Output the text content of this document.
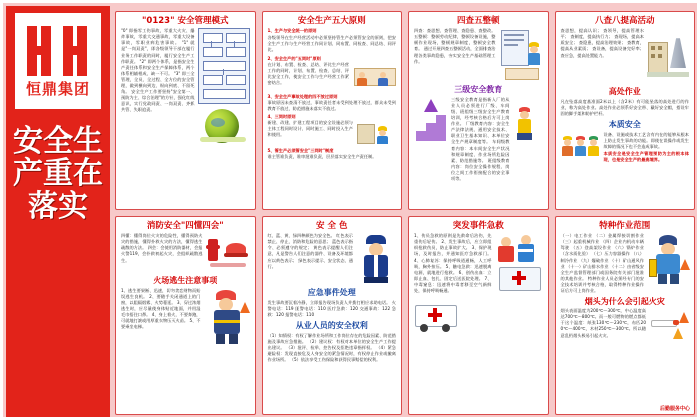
恒鼎集团
安全生产重在落实
"0123" 安全管理模式
"0" 即指零工伤事故，零重大火灾、爆炸事故，零重大交通事故，零重大设备事故，零职业病危害事故。 "1" 就是"一岗双责"，即各级领导干部在履行业务工作职责的同时，履行安全生产工作职责。 "2" 即两个体系，是指安全生产责任体系和安全生产保障体系，两个体系相辅相成、缺一不可。 "3" 即三全管理，全员、全过程、全方位的安全管理，做到横向到边、纵向到底、不留死角。 安全生产工作要坚持"安全第一、预防为主、综合治理"的方针，强化红线意识，实行党政同责、一岗双责、齐抓共管、失职追责。
安全生产五大原则
1、生产与安全统一的原则
各级领导在生产经营活动中必须坚持管生产必须管安全的原则，把安全生产工作与生产经营工作同计划、同布置、同检查、同总结、同评比。
2、安全生产的"五同时"原则
在计划、布置、检查、总结、评比生产经营工作的同时，计划、布置、检查、总结、评比安全工作，使安全工作与生产经营工作紧密结合。
3、安全生产事故处理的四不放过原则
事故原因未查清不放过，事故责任者未受到处理不放过，群众未受到教育不放过，防范措施未落实不放过。
4、三同时原则
新建、改建、扩建工程项目的安全设施必须与主体工程同时设计、同时施工、同时投入生产和使用。
5、管生产必须管安全"三同时"制度
谁主管谁负责，谁审批谁负责，层层落实安全生产责任制。
四查五整顿
四查：查思想、查管理、查隐患、查整改。 五整顿：整顿劳动纪律，整顿设备设施，整顿作业现场，整顿规章制度，整顿安全教育。 通过开展四查五整顿活动，全面排查治理各类事故隐患，夯实安全生产基础管理工作。
三级安全教育
三级安全教育是指新入厂的从业人员必须进行厂级、车间级、班组级三级安全生产教育培训，经考核合格后方可上岗作业。 厂级教育内容：安全生产法律法规、通用安全技术、职业卫生基本知识、本单位安全生产规章制度等。 车间级教育内容：本车间安全生产状况和规章制度、作业场所危险因素、防范措施等。 班组级教育内容：岗位安全操作规程、岗位之间工作衔接配合的安全事项等。
八查八提高活动
查思想，提高认识； 查领导，提高管理水平； 查制度，提高执行力； 查现场，提高本质安全； 查隐患，提高治理效果； 查教育，提高从业素质； 查设备，提高设备完好率； 查应急，提高处置能力。
高处作业
凡在坠落高度基准面2米以上（含2米）有可能坠落的高处进行的作业，称为高处作业。高处作业必须系好安全带、戴好安全帽，搭设牢固的脚手架和防护栏杆。
本质安全
设备、设施或技术工艺含有内在的能够从根本上防止发生事故的功能。即使在误操作或发生故障的情况下也不会造成事故。
本质安全是安全生产管理预防为主的根本体现，也是安全生产的最高境界。
消防安全"四懂四会"
四懂：懂得岗位火灾的危险性，懂得预防火灾的措施，懂得扑救火灾的方法，懂得逃生疏散的方法。 四会：会使用消防器材，会报火警119，会扑救初起火灾，会组织疏散逃生。
火场逃生注意事项
1、逃生要果断、迅速，切勿贪恋财物而贻误逃生良机。 2、要随手关闭通道上的门窗，以阻隔烟雾、火势蔓延。 3、穿过浓烟逃生时，应尽量使身体贴近地面，并用湿毛巾捂住口鼻。 4、身上着火，不要奔跑，可就地打滚或用厚重衣物压灭火苗。 5、不要乘坐电梯。
安 全 色
红、蓝、黄、绿四种颜色为安全色。 红色表示禁止、停止、消防和危险的意思； 蓝色表示指令、必须遵守的规定； 黄色表示提醒人们注意，凡是警告人们注意的器件、设备及环境都应以黄色表示； 绿色表示提示、安全状态、通行。
应急事件处理
发生事故要沉着冷静，立即报告现场负责人并拨打相应求助电话。 火警电话：119 匪警电话：110 医疗急救：120 交通事故：122 急救：120 报警电话：110
从业人员的安全权利
（1）知情权：有权了解作业场所和工作岗位存在的危险因素、防范措施及事故应急措施。 （2）建议权：有权对本单位的安全生产工作提出建议。 （3）批评、检举、控告权及拒绝违章指挥权。 （4）紧急避险权：发现直接危及人身安全的紧急情况时，有权停止作业或撤离作业场所。 （5）依法享受工伤保险和获得民事赔偿的权利。
突发事件急救
1、伤员急救的原则是先救命后治伤，先重伤后轻伤。 2、发生事故后，应立即组织抢救伤员，防止事故扩大。 3、保护现场，及时报告，并通知医疗急救部门。 4、心肺复苏：保持呼吸道通畅，人工呼吸，胸外按压。 5、触电急救：迅速脱离电源，就地进行抢救。 6、创伤出血：立即止血、包扎、固定后送医院处理。 7、中毒窒息：迅速将中毒者移至空气新鲜处，保持呼吸畅通。

特种作业范围
（一）电工作业 （二）金属焊接切割作业 （三）起重机械作业 （四）企业内机动车辆驾驶 （五）登高架设作业 （六）锅炉作业（含水质化验） （七）压力容器操作 （八）制冷作业 （九）爆破作业 （十）矿山通风作业 （十一）矿山排水作业 （十二）由省级安全生产监督管理部门或国务院有关部门批准的其他作业。 特种作业人员必须经专门的安全技术培训并考核合格，取得特种作业操作证后方可上岗作业。
烟头为什么会引起火灾
烟头表面温度为200℃～300℃，中心温度高达700℃～800℃。而一般可燃物的燃点都低于这个温度：纸张130℃～230℃，布匹200℃～400℃，木材250℃～300℃。所以随意乱扔烟头极易引起火灾。
后勤服务中心
